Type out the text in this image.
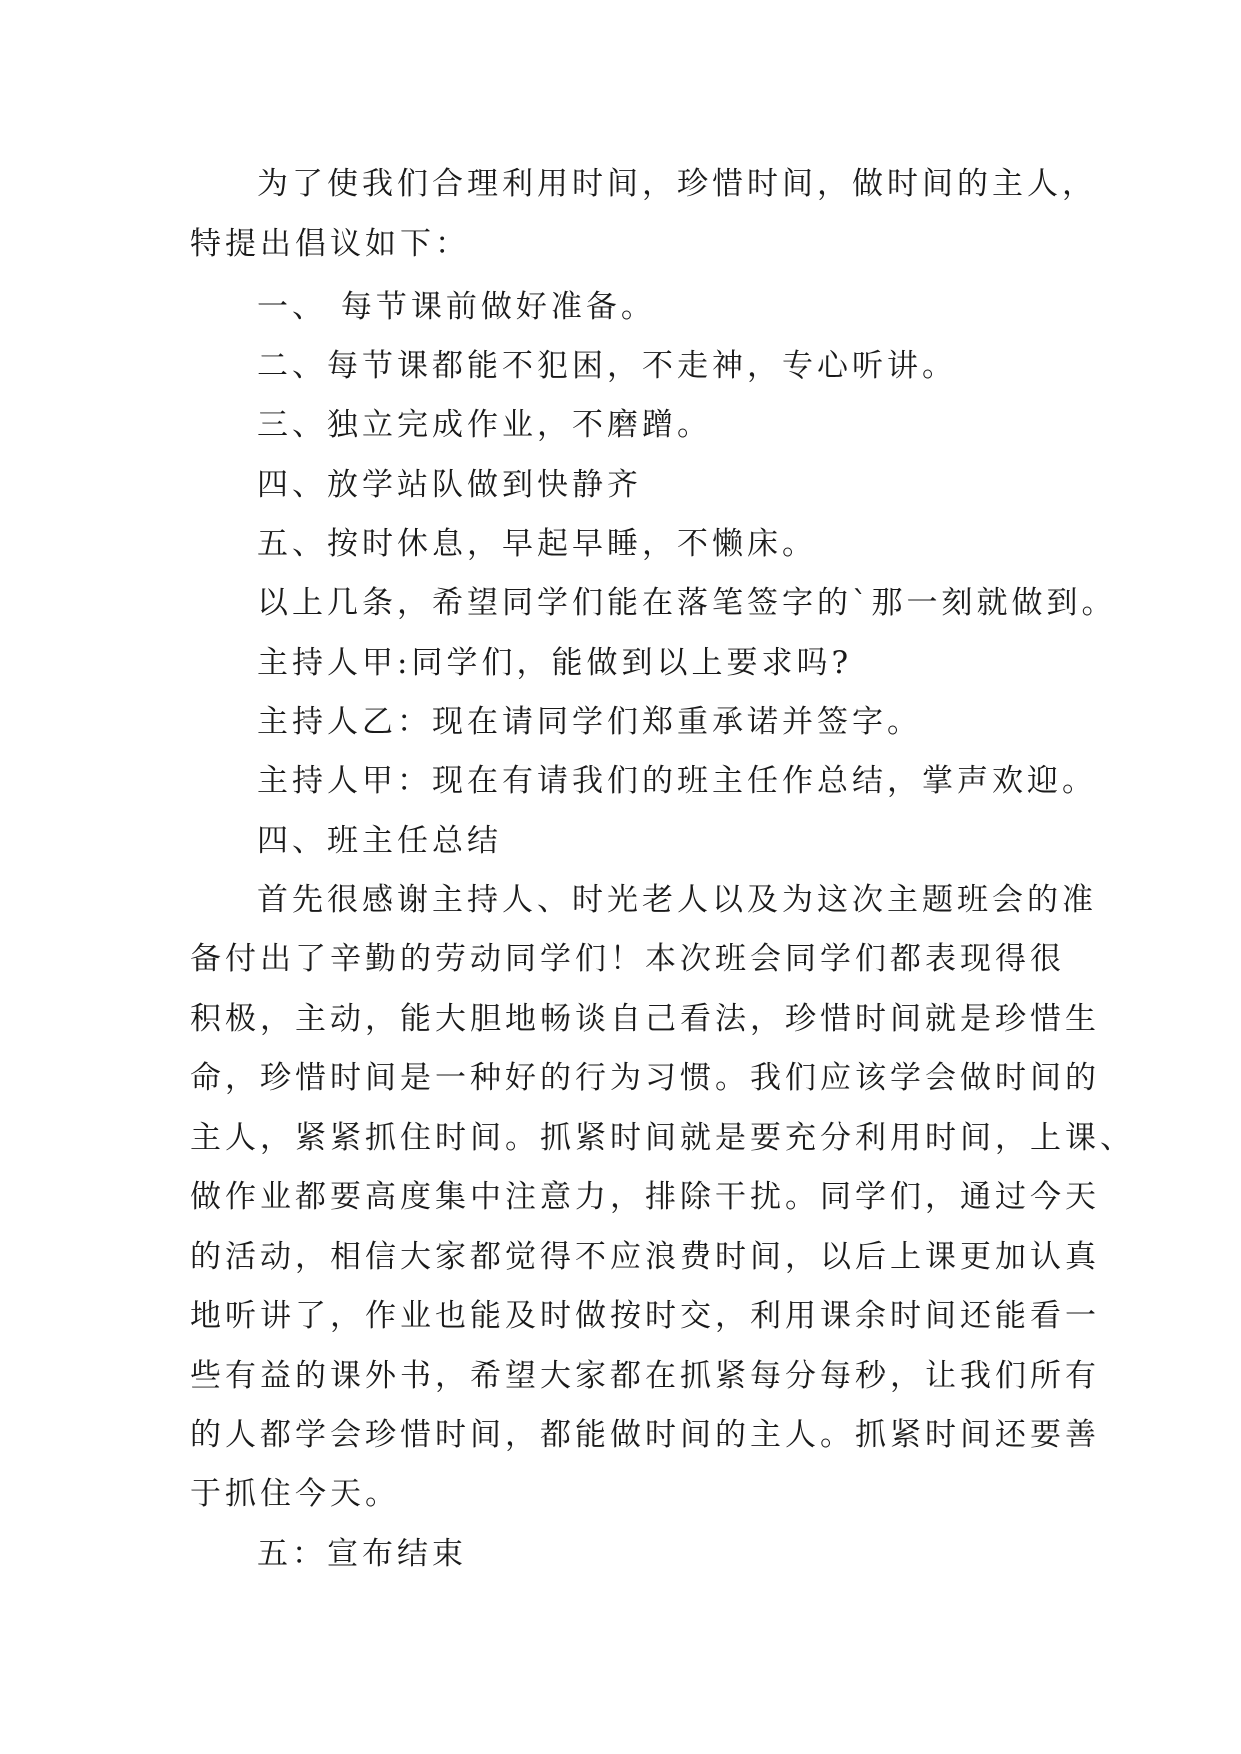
为了使我们合理利用时间，珍惜时间，做时间的主人，
特提出倡议如下：
一、 每节课前做好准备。
二、每节课都能不犯困，不走神，专心听讲。
三、独立完成作业，不磨蹭。
四、放学站队做到快静齐
五、按时休息，早起早睡，不懒床。
以上几条，希望同学们能在落笔签字的`那一刻就做到。
主持人甲:同学们，能做到以上要求吗?
主持人乙：现在请同学们郑重承诺并签字。
主持人甲：现在有请我们的班主任作总结，掌声欢迎。
四、班主任总结
首先很感谢主持人、时光老人以及为这次主题班会的准
备付出了辛勤的劳动同学们！本次班会同学们都表现得很
积极，主动，能大胆地畅谈自己看法，珍惜时间就是珍惜生
命，珍惜时间是一种好的行为习惯。我们应该学会做时间的
主人，紧紧抓住时间。抓紧时间就是要充分利用时间，上课、
做作业都要高度集中注意力，排除干扰。同学们，通过今天
的活动，相信大家都觉得不应浪费时间，以后上课更加认真
地听讲了，作业也能及时做按时交，利用课余时间还能看一
些有益的课外书，希望大家都在抓紧每分每秒，让我们所有
的人都学会珍惜时间，都能做时间的主人。抓紧时间还要善
于抓住今天。
五：宣布结束
